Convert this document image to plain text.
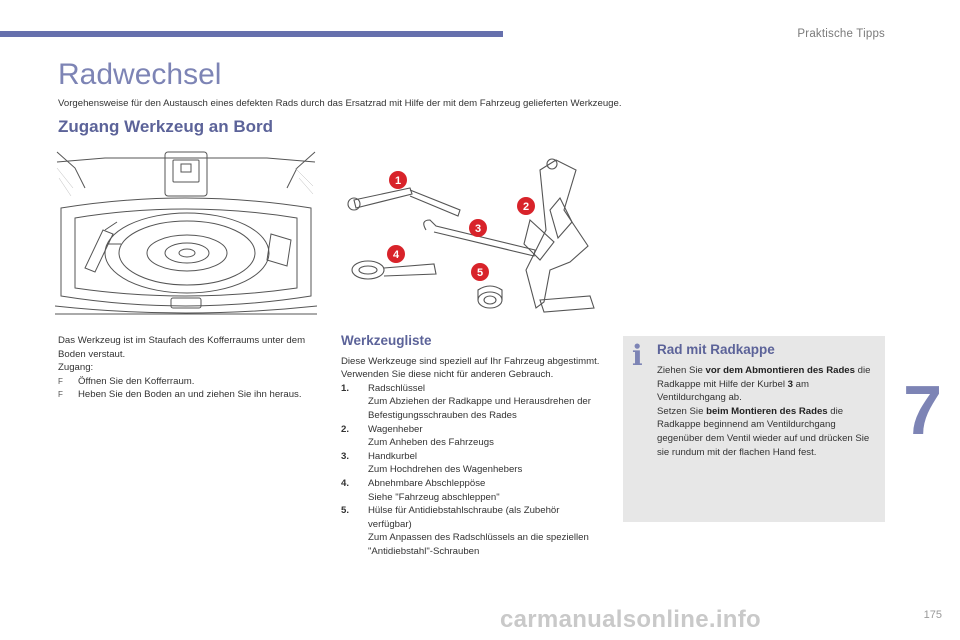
Praktische Tipps
7
175
carmanualsonline.info
Radwechsel
Vorgehensweise für den Austausch eines defekten Rads durch das Ersatzrad mit Hilfe der mit dem Fahrzeug gelieferten Werkzeuge.
Zugang Werkzeug an Bord
1
2
3
4
5

Das Werkzeug ist im Staufach des Kofferraums unter dem Boden verstaut.

Zugang:

F	Öffnen Sie den Kofferraum.
F	Heben Sie den Boden an und ziehen Sie ihn heraus.
Werkzeugliste

Diese Werkzeuge sind speziell auf Ihr Fahrzeug abgestimmt. Verwenden Sie diese nicht für anderen Gebrauch.

1.	Radschlüssel
Zum Abziehen der Radkappe und Herausdrehen der Befestigungsschrauben des Rades
2.	Wagenheber
Zum Anheben des Fahrzeugs
3.	Handkurbel
Zum Hochdrehen des Wagenhebers
4.	Abnehmbare Abschleppöse
Siehe "Fahrzeug abschleppen"
5.	Hülse für Antidiebstahlschraube (als Zubehör verfügbar)
Zum Anpassen des Radschlüssels an die speziellen "Antidiebstahl"-Schrauben
i Rad mit Radkappe

Ziehen Sie vor dem Abmontieren des Rades die Radkappe mit Hilfe der Kurbel 3 am Ventildurchgang ab.

Setzen Sie beim Montieren des Rades die Radkappe beginnend am Ventildurchgang gegenüber dem Ventil wieder auf und drücken Sie sie rundum mit der flachen Hand fest.
